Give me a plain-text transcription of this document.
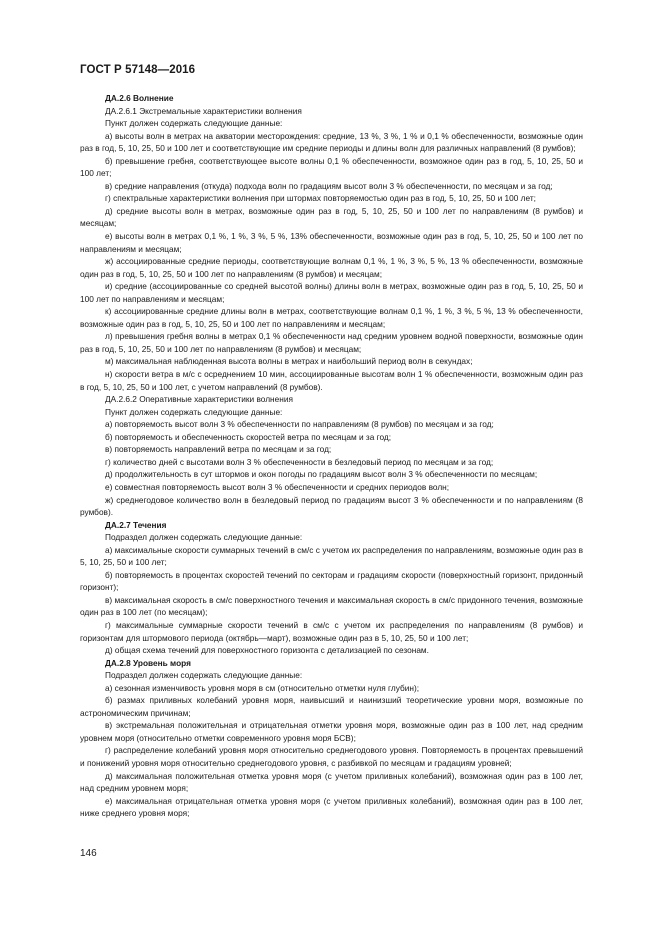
ГОСТ Р 57148—2016

ДА.2.6 Волнение

ДА.2.6.1 Экстремальные характеристики волнения

Пункт должен содержать следующие данные:

а) высоты волн в метрах на акватории месторождения: средние, 13 %, 3 %, 1 % и 0,1 % обеспеченности, возможные один раз в год, 5, 10, 25, 50 и 100 лет и соответствующие им средние периоды и длины волн для различных направлений (8 румбов);

б) превышение гребня, соответствующее высоте волны 0,1 % обеспеченности, возможное один раз в год, 5, 10, 25, 50 и 100 лет;

в) средние направления (откуда) подхода волн по градациям высот волн 3 % обеспеченности, по месяцам и за год;

г) спектральные характеристики волнения при штормах повторяемостью один раз в год, 5, 10, 25, 50 и 100 лет;

д) средние высоты волн в метрах, возможные один раз в год, 5, 10, 25, 50 и 100 лет по направлениям (8 румбов) и месяцам;

е) высоты волн в метрах 0,1 %, 1 %, 3 %, 5 %, 13% обеспеченности, возможные один раз в год, 5, 10, 25, 50 и 100 лет по направлениям и месяцам;

ж) ассоциированные средние периоды, соответствующие волнам 0,1 %, 1 %, 3 %, 5 %, 13 % обеспеченности, возможные один раз в год, 5, 10, 25, 50 и 100 лет по направлениям (8 румбов) и месяцам;

и) средние (ассоциированные со средней высотой волны) длины волн в метрах, возможные один раз в год, 5, 10, 25, 50 и 100 лет по направлениям и месяцам;

к) ассоциированные средние длины волн в метрах, соответствующие волнам 0,1 %, 1 %, 3 %, 5 %, 13 % обеспеченности, возможные один раз в год, 5, 10, 25, 50 и 100 лет по направлениям и месяцам;

л) превышения гребня волны в метрах 0,1 % обеспеченности над средним уровнем водной поверхности, возможные один раз в год, 5, 10, 25, 50 и 100 лет по направлениям (8 румбов) и месяцам;

м) максимальная наблюденная высота волны в метрах и наибольший период волн в секундах;

н) скорости ветра в м/с с осреднением 10 мин, ассоциированные высотам волн 1 % обеспеченности, возможным один раз в год, 5, 10, 25, 50 и 100 лет, с учетом направлений (8 румбов).

ДА.2.6.2 Оперативные характеристики волнения

Пункт должен содержать следующие данные:

а) повторяемость высот волн 3 % обеспеченности по направлениям (8 румбов) по месяцам и за год;

б) повторяемость и обеспеченность скоростей ветра по месяцам и за год;

в) повторяемость направлений ветра по месяцам и за год;

г) количество дней с высотами волн 3 % обеспеченности в безледовый период по месяцам и за год;

д) продолжительность в сут штормов и окон погоды по градациям высот волн 3 % обеспеченности по месяцам;

е) совместная повторяемость высот волн 3 % обеспеченности и средних периодов волн;

ж) среднегодовое количество волн в безледовый период по градациям высот 3 % обеспеченности и по направлениям (8 румбов).

ДА.2.7 Течения

Подраздел должен содержать следующие данные:

а) максимальные скорости суммарных течений в см/с с учетом их распределения по направлениям, возможные один раз в 5, 10, 25, 50 и 100 лет;

б) повторяемость в процентах скоростей течений по секторам и градациям скорости (поверхностный горизонт, придонный горизонт);

в) максимальная скорость в см/с поверхностного течения и максимальная скорость в см/с придонного течения, возможные один раз в 100 лет (по месяцам);

г) максимальные суммарные скорости течений в см/с с учетом их распределения по направлениям (8 румбов) и горизонтам для штормового периода (октябрь—март), возможные один раз в 5, 10, 25, 50 и 100 лет;

д) общая схема течений для поверхностного горизонта с детализацией по сезонам.

ДА.2.8 Уровень моря

Подраздел должен содержать следующие данные:

а) сезонная изменчивость уровня моря в см (относительно отметки нуля глубин);

б) размах приливных колебаний уровня моря, наивысший и наинизший теоретические уровни моря, возможные по астрономическим причинам;

в) экстремальная положительная и отрицательная отметки уровня моря, возможные один раз в 100 лет, над средним уровнем моря (относительно отметки современного уровня моря БСВ);

г) распределение колебаний уровня моря относительно среднегодового уровня. Повторяемость в процентах превышений и понижений уровня моря относительно среднегодового уровня, с разбивкой по месяцам и градациям уровней;

д) максимальная положительная отметка уровня моря (с учетом приливных колебаний), возможная один раз в 100 лет, над средним уровнем моря;

е) максимальная отрицательная отметка уровня моря (с учетом приливных колебаний), возможная один раз в 100 лет, ниже среднего уровня моря;

146
